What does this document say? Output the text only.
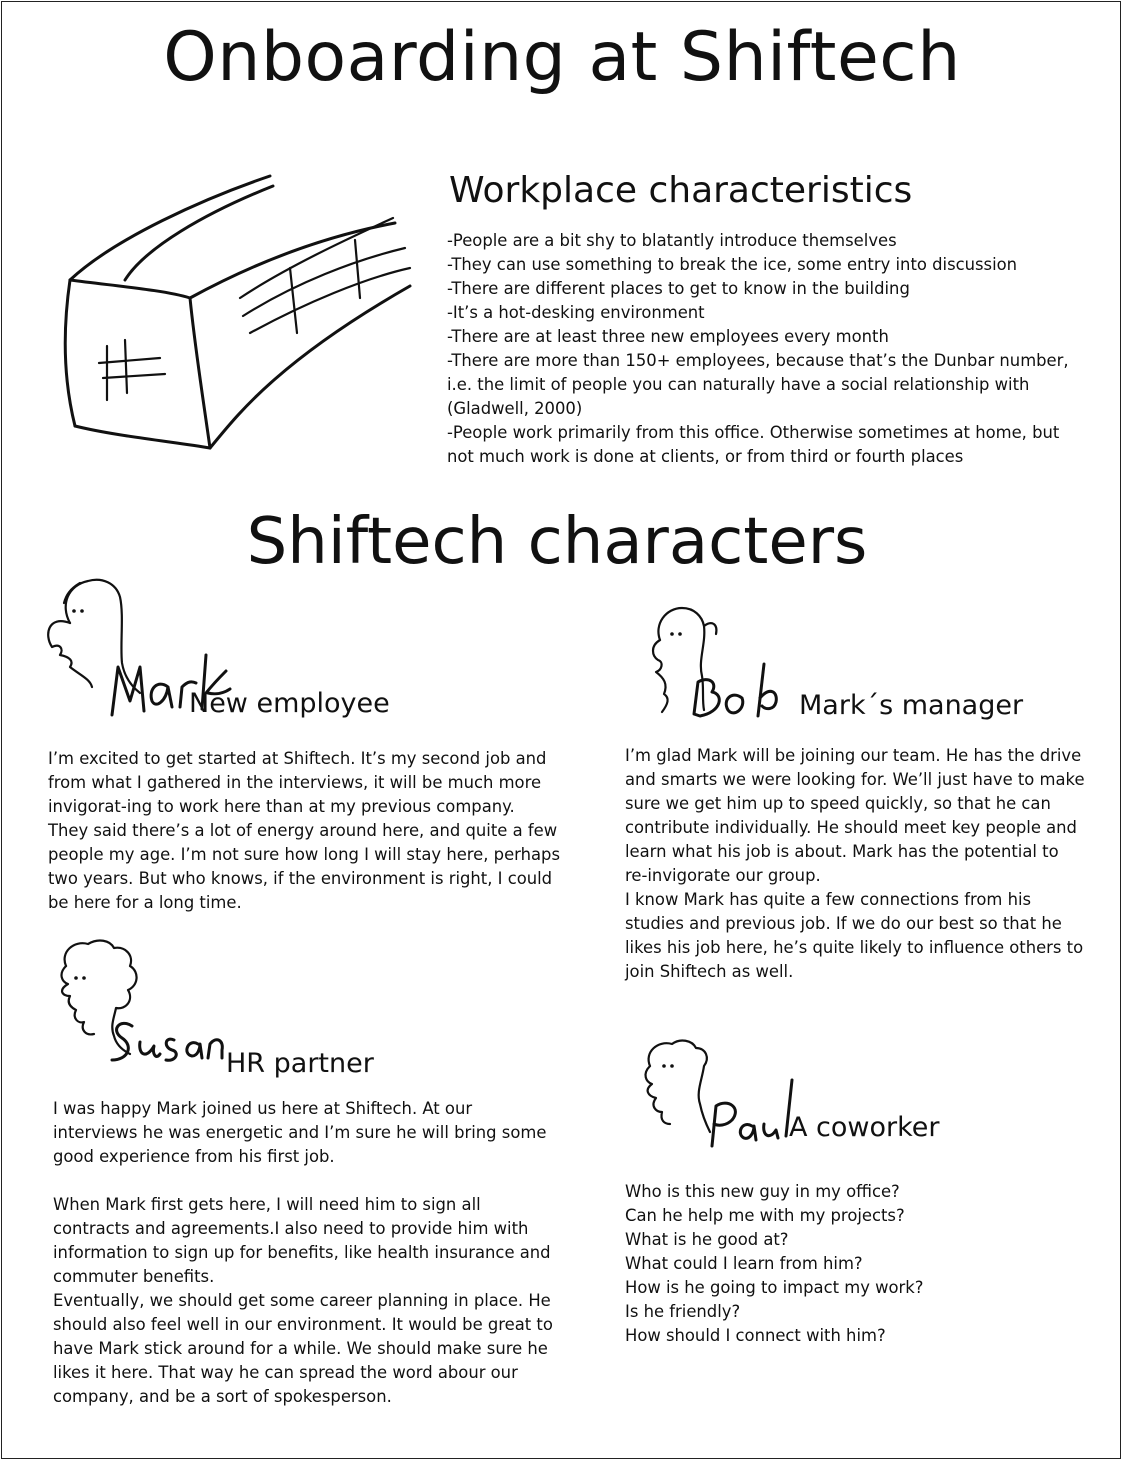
Onboarding at Shiftech
Workplace characteristics
-People are a bit shy to blatantly introduce themselves
-They can use something to break the ice, some entry into discussion
-There are different places to get to know in the building
-It’s a hot-desking environment
-There are at least three new employees every month
-There are more than 150+ employees, because that’s the Dunbar number, i.e. the limit of people you can naturally have a social relationship with (Gladwell, 2000)
-People work primarily from this office. Otherwise sometimes at home, but not much work is done at clients, or from third or fourth places
Shiftech characters
New employee

I’m excited to get started at Shiftech. It’s my second job and from what I gathered in the interviews, it will be much more invigorat-ing to work here than at my previous company. They said there’s a lot of energy around here, and quite a few people my age. I’m not sure how long I will stay here, perhaps two years. But who knows, if the environment is right, I could be here for a long time.

Mark´s manager

I’m glad Mark will be joining our team. He has the drive and smarts we were looking for. We’ll just have to make sure we get him up to speed quickly, so that he can contribute individually. He should meet key people and learn what his job is about. Mark has the potential to re-invigorate our group.

I know Mark has quite a few connections from his studies and previous job. If we do our best so that he likes his job here, he’s quite likely to influence others to join Shiftech as well.

HR partner

I was happy Mark joined us here at Shiftech. At our interviews he was energetic and I’m sure he will bring some good experience from his first job.

When Mark first gets here, I will need him to sign all contracts and agreements.I also need to provide him with information to sign up for benefits, like health insurance and commuter benefits.

Eventually, we should get some career planning in place. He should also feel well in our environment. It would be great to have Mark stick around for a while. We should make sure he likes it here. That way he can spread the word abour our company, and be a sort of spokesperson.

A coworker
Who is this new guy in my office?
Can he help me with my projects?
What is he good at?
What could I learn from him?
How is he going to impact my work?
Is he friendly?
How should I connect with him?
